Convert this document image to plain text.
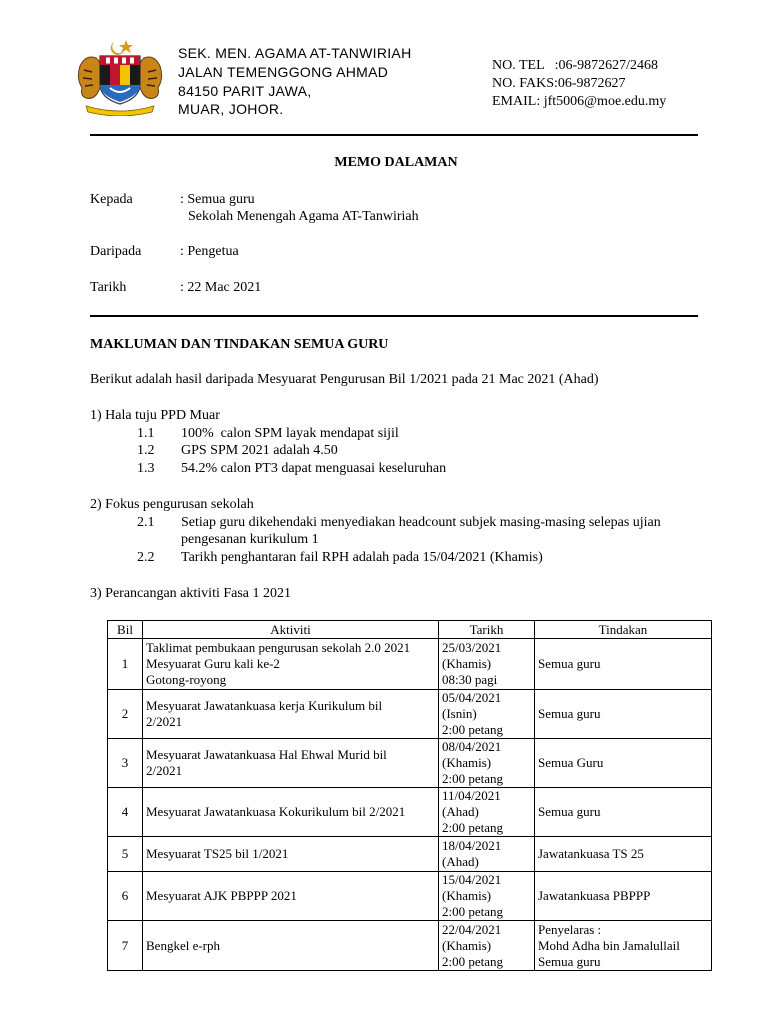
SEK. MEN. AGAMA AT-TANWIRIAH
JALAN TEMENGGONG AHMAD
84150 PARIT JAWA,
MUAR, JOHOR.
NO. TEL   :06-9872627/2468
NO. FAKS:06-9872627
EMAIL: jft5006@moe.edu.my
MEMO DALAMAN
Kepada	: Semua guru
Sekolah Menengah Agama AT-Tanwiriah
Daripada	: Pengetua
Tarikh	: 22 Mac 2021
MAKLUMAN DAN TINDAKAN SEMUA GURU
Berikut adalah hasil daripada Mesyuarat Pengurusan Bil 1/2021 pada 21 Mac 2021 (Ahad)
1) Hala tuju PPD Muar
1.1 100%  calon SPM layak mendapat sijil
1.2 GPS SPM 2021 adalah 4.50
1.3 54.2% calon PT3 dapat menguasai keseluruhan
2) Fokus pengurusan sekolah
2.1 Setiap guru dikehendaki menyediakan headcount subjek masing-masing selepas ujian
pengesanan kurikulum 1
2.2 Tarikh penghantaran fail RPH adalah pada 15/04/2021 (Khamis)
3) Perancangan aktiviti Fasa 1 2021
Bil	Aktiviti	Tarikh	Tindakan
1	Taklimat pembukaan pengurusan sekolah 2.0 2021
Mesyuarat Guru kali ke-2
Gotong-royong	25/03/2021
(Khamis)
08:30 pagi	Semua guru

2	Mesyuarat Jawatankuasa kerja Kurikulum bil
2/2021	05/04/2021
(Isnin)
2:00 petang	Semua guru

3	Mesyuarat Jawatankuasa Hal Ehwal Murid bil
2/2021	08/04/2021
(Khamis)
2:00 petang	Semua Guru

4	Mesyuarat Jawatankuasa Kokurikulum bil 2/2021	11/04/2021
(Ahad)
2:00 petang	Semua guru

5	Mesyuarat TS25 bil 1/2021	18/04/2021
(Ahad)	Jawatankuasa TS 25

6	Mesyuarat AJK PBPPP 2021	15/04/2021
(Khamis)
2:00 petang	Jawatankuasa PBPPP

7	Bengkel e-rph	22/04/2021
(Khamis)
2:00 petang	Penyelaras :
Mohd Adha bin Jamalullail
Semua guru
